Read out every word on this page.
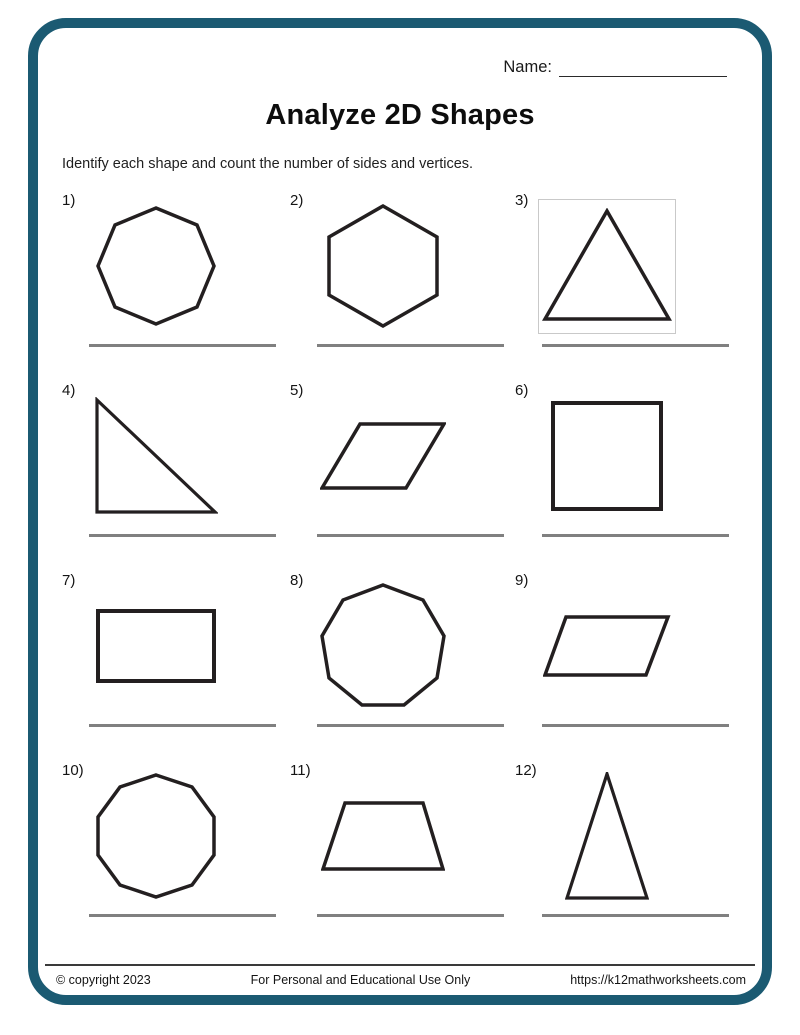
Name:
Analyze 2D Shapes
Identify each shape and count the number of sides and vertices.
1)	2)	3)
4)	5)	6)
7)	8)	9)
10)	11)	12)
© copyright 2023	For Personal and Educational Use Only	https://k12mathworksheets.com
